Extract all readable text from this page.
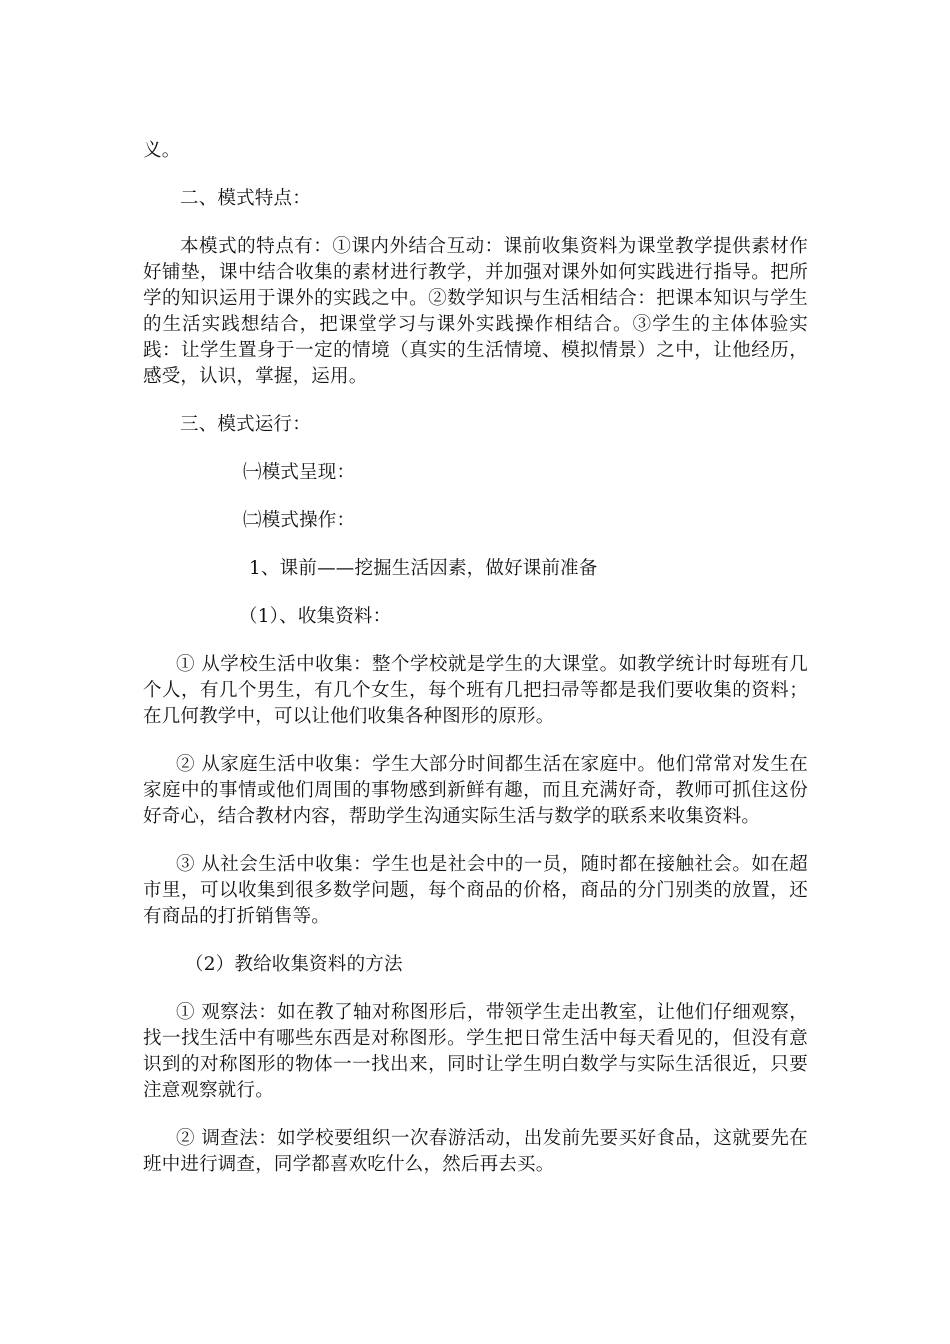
义。

二、模式特点：

本模式的特点有：①课内外结合互动：课前收集资料为课堂教学提供素材作好铺垫，课中结合收集的素材进行教学，并加强对课外如何实践进行指导。把所学的知识运用于课外的实践之中。②数学知识与生活相结合：把课本知识与学生的生活实践想结合，把课堂学习与课外实践操作相结合。③学生的主体体验实践：让学生置身于一定的情境（真实的生活情境、模拟情景）之中，让他经历，感受，认识，掌握，运用。

三、模式运行：

㈠模式呈现：

㈡模式操作：

1、课前——挖掘生活因素，做好课前准备

（1）、收集资料：

① 从学校生活中收集：整个学校就是学生的大课堂。如教学统计时每班有几个人，有几个男生，有几个女生，每个班有几把扫帚等都是我们要收集的资料；在几何教学中，可以让他们收集各种图形的原形。

② 从家庭生活中收集：学生大部分时间都生活在家庭中。他们常常对发生在家庭中的事情或他们周围的事物感到新鲜有趣，而且充满好奇，教师可抓住这份好奇心，结合教材内容，帮助学生沟通实际生活与数学的联系来收集资料。

③ 从社会生活中收集：学生也是社会中的一员，随时都在接触社会。如在超市里，可以收集到很多数学问题，每个商品的价格，商品的分门别类的放置，还有商品的打折销售等。

（2）教给收集资料的方法

① 观察法：如在教了轴对称图形后，带领学生走出教室，让他们仔细观察，找一找生活中有哪些东西是对称图形。学生把日常生活中每天看见的，但没有意识到的对称图形的物体一一找出来，同时让学生明白数学与实际生活很近，只要注意观察就行。

② 调查法：如学校要组织一次春游活动，出发前先要买好食品，这就要先在班中进行调查，同学都喜欢吃什么，然后再去买。
